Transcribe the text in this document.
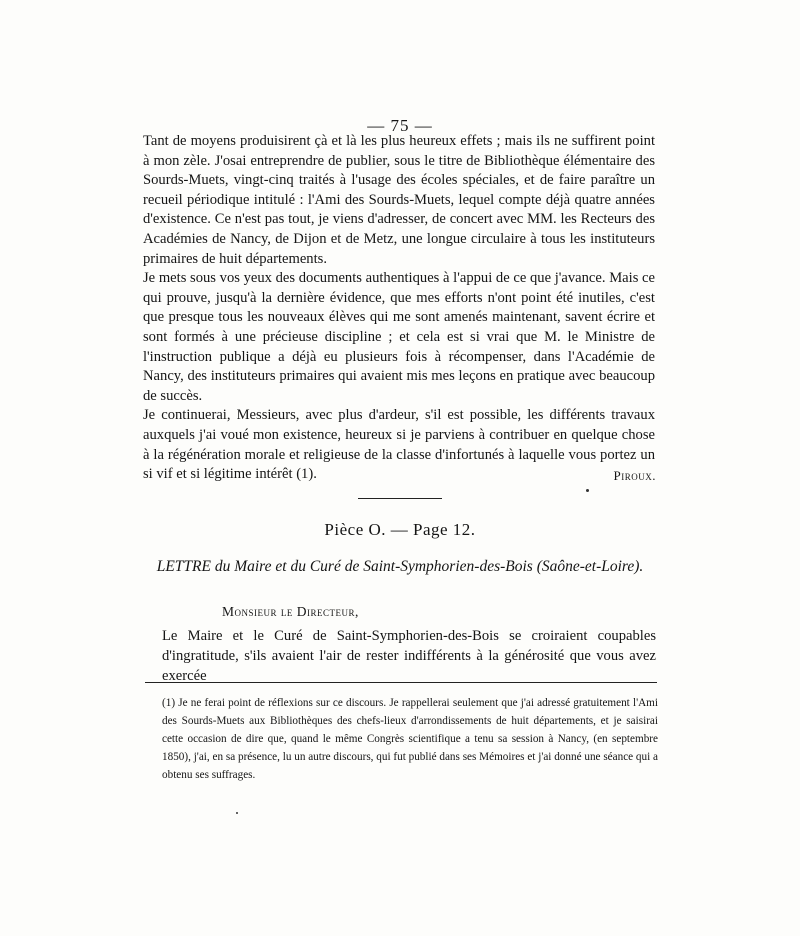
— 75 —

Tant de moyens produisirent çà et là les plus heureux effets ; mais ils ne suffirent point à mon zèle. J'osai entreprendre de publier, sous le titre de Bibliothèque élémentaire des Sourds-Muets, vingt-cinq traités à l'usage des écoles spéciales, et de faire paraître un recueil périodique intitulé : l'Ami des Sourds-Muets, lequel compte déjà quatre années d'existence. Ce n'est pas tout, je viens d'adresser, de concert avec MM. les Recteurs des Académies de Nancy, de Dijon et de Metz, une longue circulaire à tous les instituteurs primaires de huit départements.

Je mets sous vos yeux des documents authentiques à l'appui de ce que j'avance. Mais ce qui prouve, jusqu'à la dernière évidence, que mes efforts n'ont point été inutiles, c'est que presque tous les nouveaux élèves qui me sont amenés maintenant, savent écrire et sont formés à une précieuse discipline ; et cela est si vrai que M. le Ministre de l'instruction publique a déjà eu plusieurs fois à récompenser, dans l'Académie de Nancy, des instituteurs primaires qui avaient mis mes leçons en pratique avec beaucoup de succès.

Je continuerai, Messieurs, avec plus d'ardeur, s'il est possible, les différents travaux auxquels j'ai voué mon existence, heureux si je parviens à contribuer en quelque chose à la régénération morale et religieuse de la classe d'infortunés à laquelle vous portez un si vif et si légitime intérêt (1).	Piroux.
Pièce O. — Page 12.
LETTRE du Maire et du Curé de Saint-Symphorien-des-Bois (Saône-et-Loire).
Monsieur le Directeur,

Le Maire et le Curé de Saint-Symphorien-des-Bois se croiraient coupables d'ingratitude, s'ils avaient l'air de rester indifférents à la générosité que vous avez exercée

(1) Je ne ferai point de réflexions sur ce discours. Je rappellerai seulement que j'ai adressé gratuitement l'Ami des Sourds-Muets aux Bibliothèques des chefs-lieux d'arrondissements de huit départements, et je saisirai cette occasion de dire que, quand le même Congrès scientifique a tenu sa session à Nancy, (en septembre 1850), j'ai, en sa présence, lu un autre discours, qui fut publié dans ses Mémoires et j'ai donné une séance qui a obtenu ses suffrages.
